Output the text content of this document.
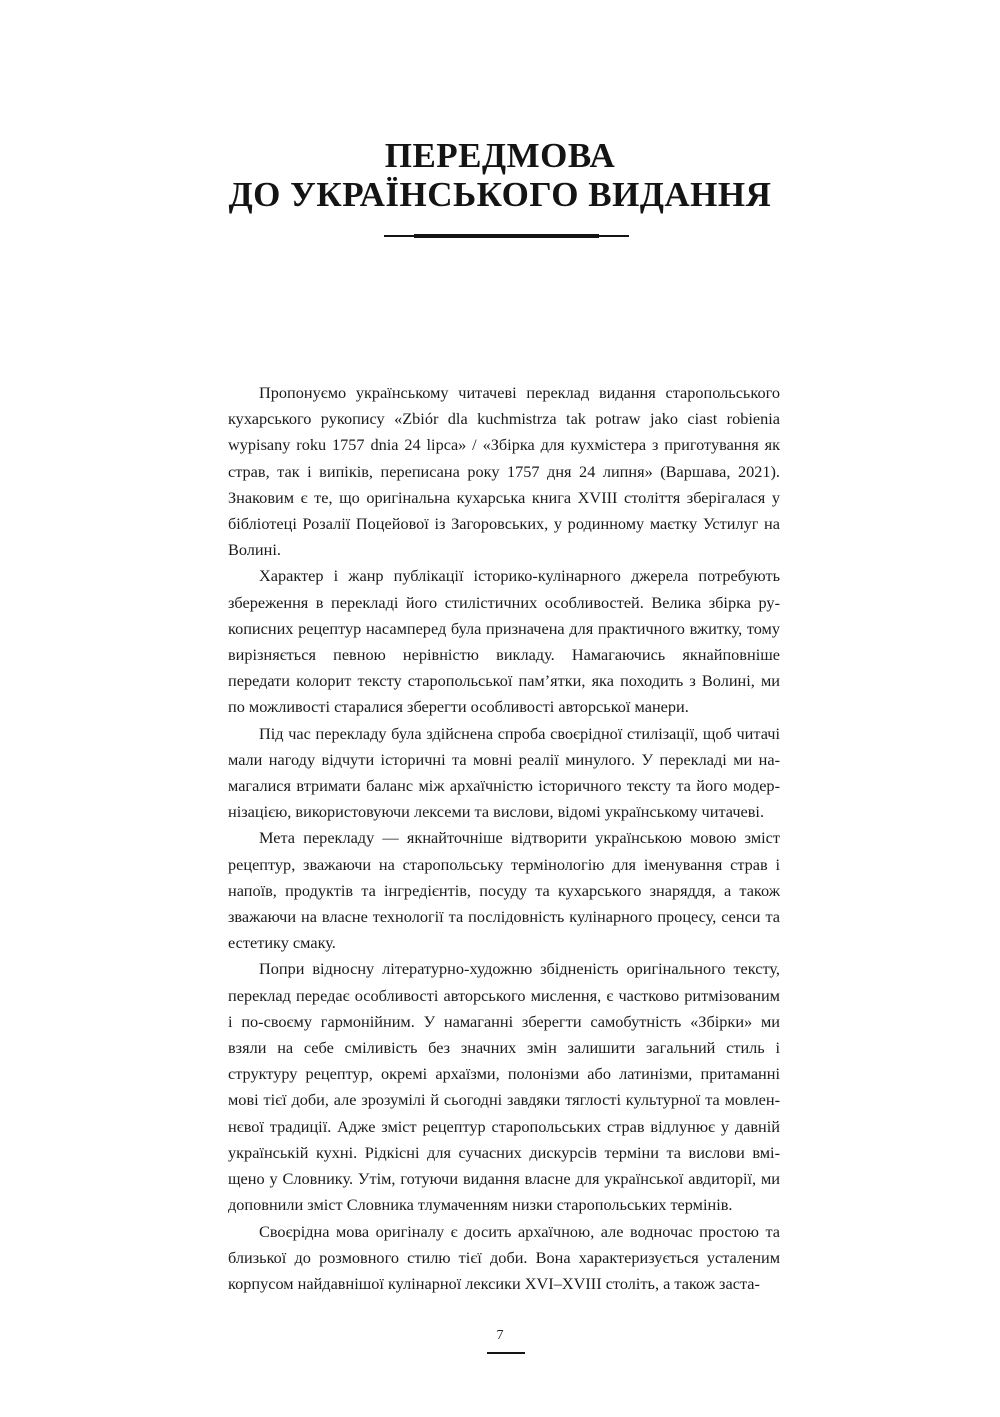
ПЕРЕДМОВА
ДО УКРАЇНСЬКОГО ВИДАННЯ

Пропонуємо українському читачеві переклад видання старопольського кухарського рукопису «Zbiór dla kuchmistrza tak potraw jako ciast robienia wypisany roku 1757 dnia 24 lipca» / «Збірка для кухмістера з приготування як страв, так і випіків, переписана року 1757 дня 24 липня» (Варшава, 2021). Знаковим є те, що оригінальна кухарська книга XVIII століття зберігалася у бібліотеці Розалії Поцейової із Загоровських, у родинному маєтку Устилуг на Волині.

Характер і жанр публікації історико-кулінарного джерела потребують збереження в перекладі його стилістичних особливостей. Велика збірка рукописних рецептур насамперед була призначена для практичного вжитку, тому вирізняється певною нерівністю викладу. Намагаючись якнайповніше передати колорит тексту старопольської пам’ятки, яка походить з Волині, ми по можливості старалися зберегти особливості авторської манери.

Під час перекладу була здійснена спроба своєрідної стилізації, щоб читачі мали нагоду відчути історичні та мовні реалії минулого. У перекладі ми намагалися втримати баланс між архаїчністю історичного тексту та його модернізацією, використовуючи лексеми та вислови, відомі українському читачеві.

Мета перекладу — якнайточніше відтворити українською мовою зміст рецептур, зважаючи на старопольську термінологію для іменування страв і напоїв, продуктів та інгредієнтів, посуду та кухарського знаряддя, а також зважаючи на власне технології та послідовність кулінарного процесу, сенси та естетику смаку.

Попри відносну літературно-художню збідненість оригінального тексту, переклад передає особливості авторського мислення, є частково ритмізованим і по-своєму гармонійним. У намаганні зберегти самобутність «Збірки» ми взяли на себе сміливість без значних змін залишити загальний стиль і структуру рецептур, окремі архаїзми, полонізми або латинізми, притаманні мові тієї доби, але зрозумілі й сьогодні завдяки тяглості культурної та мовленнєвої традиції. Адже зміст рецептур старопольських страв відлунює у давній українській кухні. Рідкісні для сучасних дискурсів терміни та вислови вміщено у Словнику. Утім, готуючи видання власне для української авдиторії, ми доповнили зміст Словника тлумаченням низки старопольських термінів.

Своєрідна мова оригіналу є досить архаїчною, але водночас простою та близької до розмовного стилю тієї доби. Вона характеризується усталеним корпусом найдавнішої кулінарної лексики XVI–XVIII століть, а також заста-

7
